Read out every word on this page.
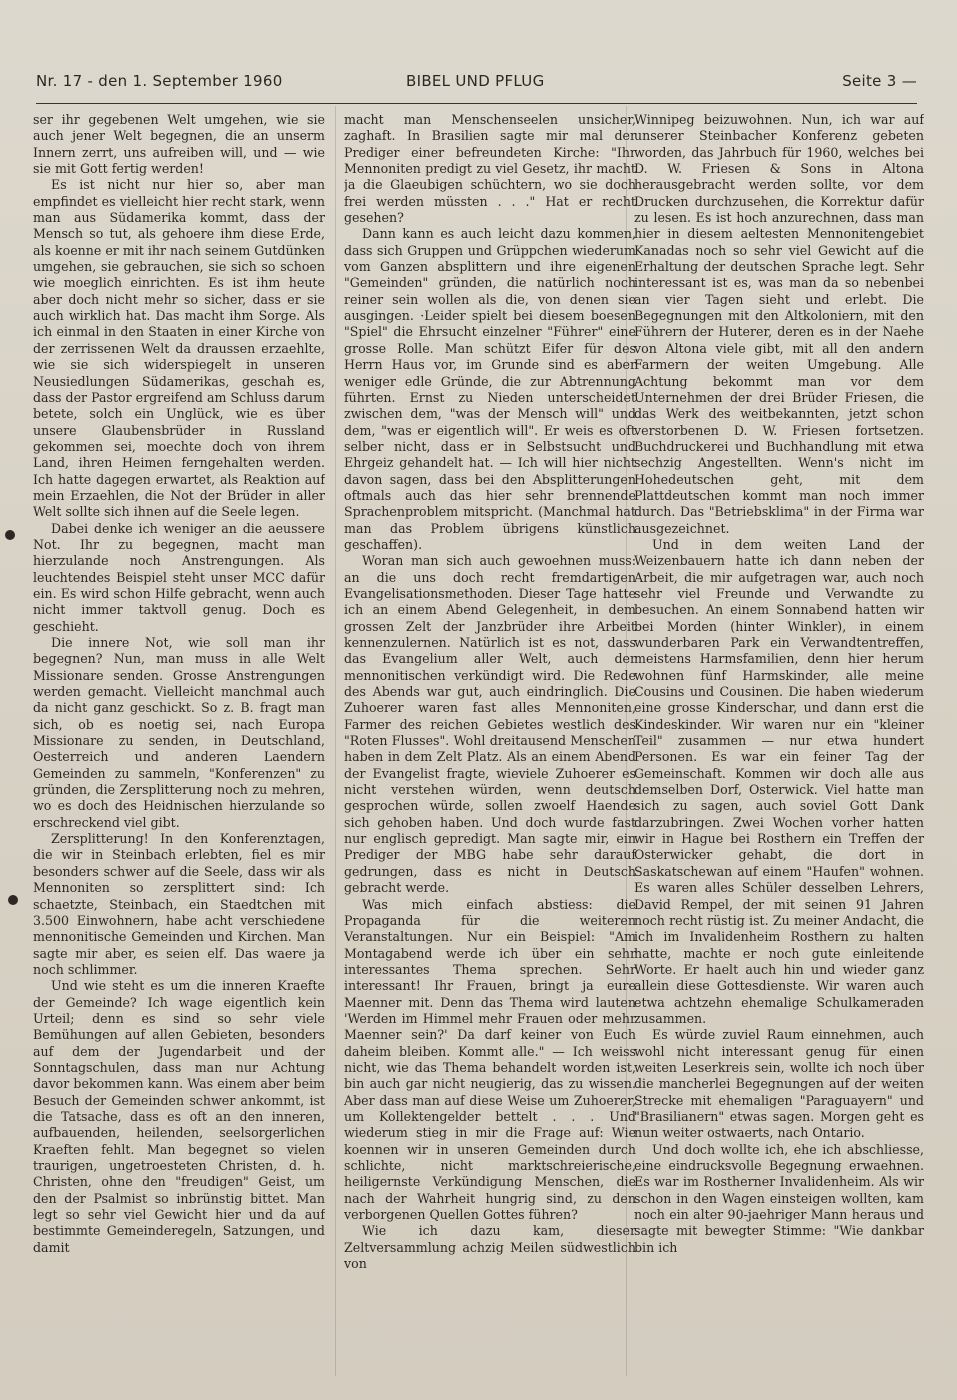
Nr. 17 - den 1. September 1960	BIBEL UND PFLUG	Seite 3 —

ser ihr gegebenen Welt umgehen, wie sie auch jener Welt begegnen, die an unserm Innern zerrt, uns aufreiben will, und — wie sie mit Gott fertig werden!

Es ist nicht nur hier so, aber man empfindet es vielleicht hier recht stark, wenn man aus Südamerika kommt, dass der Mensch so tut, als gehoere ihm diese Erde, als koenne er mit ihr nach seinem Gutdünken umgehen, sie gebrauchen, sie sich so schoen wie moeglich einrichten. Es ist ihm heute aber doch nicht mehr so sicher, dass er sie auch wirklich hat. Das macht ihm Sorge. Als ich einmal in den Staaten in einer Kirche von der zerrissenen Welt da draussen erzaehlte, wie sie sich widerspiegelt in unseren Neusiedlungen Südamerikas, geschah es, dass der Pastor ergreifend am Schluss darum betete, solch ein Unglück, wie es über unsere Glaubensbrüder in Russland gekommen sei, moechte doch von ihrem Land, ihren Heimen ferngehalten werden. Ich hatte dagegen erwartet, als Reaktion auf mein Erzaehlen, die Not der Brüder in aller Welt sollte sich ihnen auf die Seele legen.

Dabei denke ich weniger an die aeussere Not. Ihr zu begegnen, macht man hierzulande noch Anstrengungen. Als leuchtendes Beispiel steht unser MCC dafür ein. Es wird schon Hilfe gebracht, wenn auch nicht immer taktvoll genug. Doch es geschieht.

Die innere Not, wie soll man ihr begegnen? Nun, man muss in alle Welt Missionare senden. Grosse Anstrengungen werden gemacht. Vielleicht manchmal auch da nicht ganz geschickt. So z. B. fragt man sich, ob es noetig sei, nach Europa Missionare zu senden, in Deutschland, Oesterreich und anderen Laendern Gemeinden zu sammeln, "Konferenzen" zu gründen, die Zersplitterung noch zu mehren, wo es doch des Heidnischen hierzulande so erschreckend viel gibt.

Zersplitterung! In den Konferenztagen, die wir in Steinbach erlebten, fiel es mir besonders schwer auf die Seele, dass wir als Mennoniten so zersplittert sind: Ich schaetzte, Steinbach, ein Staedtchen mit 3.500 Einwohnern, habe acht verschiedene mennonitische Gemeinden und Kirchen. Man sagte mir aber, es seien elf. Das waere ja noch schlimmer.

Und wie steht es um die inneren Kraefte der Gemeinde? Ich wage eigentlich kein Urteil; denn es sind so sehr viele Bemühungen auf allen Gebieten, besonders auf dem der Jugendarbeit und der Sonntagschulen, dass man nur Achtung davor bekommen kann. Was einem aber beim Besuch der Gemeinden schwer ankommt, ist die Tatsache, dass es oft an den inneren, aufbauenden, heilenden, seelsorgerlichen Kraeften fehlt. Man begegnet so vielen traurigen, ungetroesteten Christen, d. h. Christen, ohne den "freudigen" Geist, um den der Psalmist so inbrünstig bittet. Man legt so sehr viel Gewicht hier und da auf bestimmte Gemeinderegeln, Satzungen, und damit

macht man Menschenseelen unsicher, zaghaft. In Brasilien sagte mir mal der Prediger einer befreundeten Kirche: "Ihr Mennoniten predigt zu viel Gesetz, ihr macht ja die Glaeubigen schüchtern, wo sie doch frei werden müssten . . ." Hat er recht gesehen?

Dann kann es auch leicht dazu kommen, dass sich Gruppen und Grüppchen wiederum vom Ganzen absplittern und ihre eigenen "Gemeinden" gründen, die natürlich noch reiner sein wollen als die, von denen sie ausgingen. ·Leider spielt bei diesem boesen "Spiel" die Ehrsucht einzelner "Führer" eine grosse Rolle. Man schützt Eifer für des Herrn Haus vor, im Grunde sind es aber weniger edle Gründe, die zur Abtrennung führten. Ernst zu Nieden unterscheidet zwischen dem, "was der Mensch will" und dem, "was er eigentlich will". Er weis es oft selber nicht, dass er in Selbstsucht und Ehrgeiz gehandelt hat. — Ich will hier nicht davon sagen, dass bei den Absplitterungen oftmals auch das hier sehr brennende Sprachenproblem mitspricht. (Manchmal hat man das Problem übrigens künstlich geschaffen).

Woran man sich auch gewoehnen muss: an die uns doch recht fremdartigen Evangelisationsmethoden. Dieser Tage hatte ich an einem Abend Gelegenheit, in dem grossen Zelt der Janzbrüder ihre Arbeit kennenzulernen. Natürlich ist es not, dass das Evangelium aller Welt, auch der mennonitischen verkündigt wird. Die Rede des Abends war gut, auch eindringlich. Die Zuhoerer waren fast alles Mennoniten, Farmer des reichen Gebietes westlich des "Roten Flusses". Wohl dreitausend Menschen haben in dem Zelt Platz. Als an einem Abend der Evangelist fragte, wieviele Zuhoerer es nicht verstehen würden, wenn deutsch gesprochen würde, sollen zwoelf Haende sich gehoben haben. Und doch wurde fast nur englisch gepredigt. Man sagte mir, ein Prediger der MBG habe sehr darauf gedrungen, dass es nicht in Deutsch gebracht werde.

Was mich einfach abstiess: die Propaganda für die weiteren Veranstaltungen. Nur ein Beispiel: "Am Montagabend werde ich über ein sehr interessantes Thema sprechen. Sehr interessant! Ihr Frauen, bringt ja eure Maenner mit. Denn das Thema wird lauten 'Werden im Himmel mehr Frauen oder mehr Maenner sein?' Da darf keiner von Euch daheim bleiben. Kommt alle." — Ich weiss nicht, wie das Thema behandelt worden ist, bin auch gar nicht neugierig, das zu wissen. Aber dass man auf diese Weise um Zuhoerer, um Kollektengelder bettelt . . . Und wiederum stieg in mir die Frage auf: Wie koennen wir in unseren Gemeinden durch schlichte, nicht marktschreierische, heiligernste Verkündigung Menschen, die nach der Wahrheit hungrig sind, zu den verborgenen Quellen Gottes führen?

Wie ich dazu kam, dieser Zeltversammlung achzig Meilen südwestlich von

Winnipeg beizuwohnen. Nun, ich war auf unserer Steinbacher Konferenz gebeten worden, das Jahrbuch für 1960, welches bei D. W. Friesen & Sons in Altona herausgebracht werden sollte, vor dem Drucken durchzusehen, die Korrektur dafür zu lesen. Es ist hoch anzurechnen, dass man hier in diesem aeltesten Mennonitengebiet Kanadas noch so sehr viel Gewicht auf die Erhaltung der deutschen Sprache legt. Sehr interessant ist es, was man da so nebenbei an vier Tagen sieht und erlebt. Die Begegnungen mit den Altkoloniern, mit den Führern der Huterer, deren es in der Naehe von Altona viele gibt, mit all den andern Farmern der weiten Umgebung. Alle Achtung bekommt man vor dem Unternehmen der drei Brüder Friesen, die das Werk des weitbekannten, jetzt schon verstorbenen D. W. Friesen fortsetzen. Buchdruckerei und Buchhandlung mit etwa sechzig Angestellten. Wenn's nicht im Hohedeutschen geht, mit dem Plattdeutschen kommt man noch immer durch. Das "Betriebsklima" in der Firma war ausgezeichnet.

Und in dem weiten Land der Weizenbauern hatte ich dann neben der Arbeit, die mir aufgetragen war, auch noch sehr viel Freunde und Verwandte zu besuchen. An einem Sonnabend hatten wir bei Morden (hinter Winkler), in einem wunderbaren Park ein Verwandtentreffen, meistens Harmsfamilien, denn hier herum wohnen fünf Harmskinder, alle meine Cousins und Cousinen. Die haben wiederum eine grosse Kinderschar, und dann erst die Kindeskinder. Wir waren nur ein "kleiner Teil" zusammen — nur etwa hundert Personen. Es war ein feiner Tag der Gemeinschaft. Kommen wir doch alle aus demselben Dorf, Osterwick. Viel hatte man sich zu sagen, auch soviel Gott Dank darzubringen. Zwei Wochen vorher hatten wir in Hague bei Rosthern ein Treffen der Osterwicker gehabt, die dort in Saskatschewan auf einem "Haufen" wohnen. Es waren alles Schüler desselben Lehrers, David Rempel, der mit seinen 91 Jahren noch recht rüstig ist. Zu meiner Andacht, die ich im Invalidenheim Rosthern zu halten hatte, machte er noch gute einleitende Worte. Er haelt auch hin und wieder ganz allein diese Gottesdienste. Wir waren auch etwa achtzehn ehemalige Schulkameraden zusammen.

Es würde zuviel Raum einnehmen, auch wohl nicht interessant genug für einen weiten Leserkreis sein, wollte ich noch über die mancherlei Begegnungen auf der weiten Strecke mit ehemaligen "Paraguayern" und "Brasilianern" etwas sagen. Morgen geht es nun weiter ostwaerts, nach Ontario.

Und doch wollte ich, ehe ich abschliesse, eine eindrucksvolle Begegnung erwaehnen. Es war im Rostherner Invalidenheim. Als wir schon in den Wagen einsteigen wollten, kam noch ein alter 90-jaehriger Mann heraus und sagte mit bewegter Stimme: "Wie dankbar bin ich
